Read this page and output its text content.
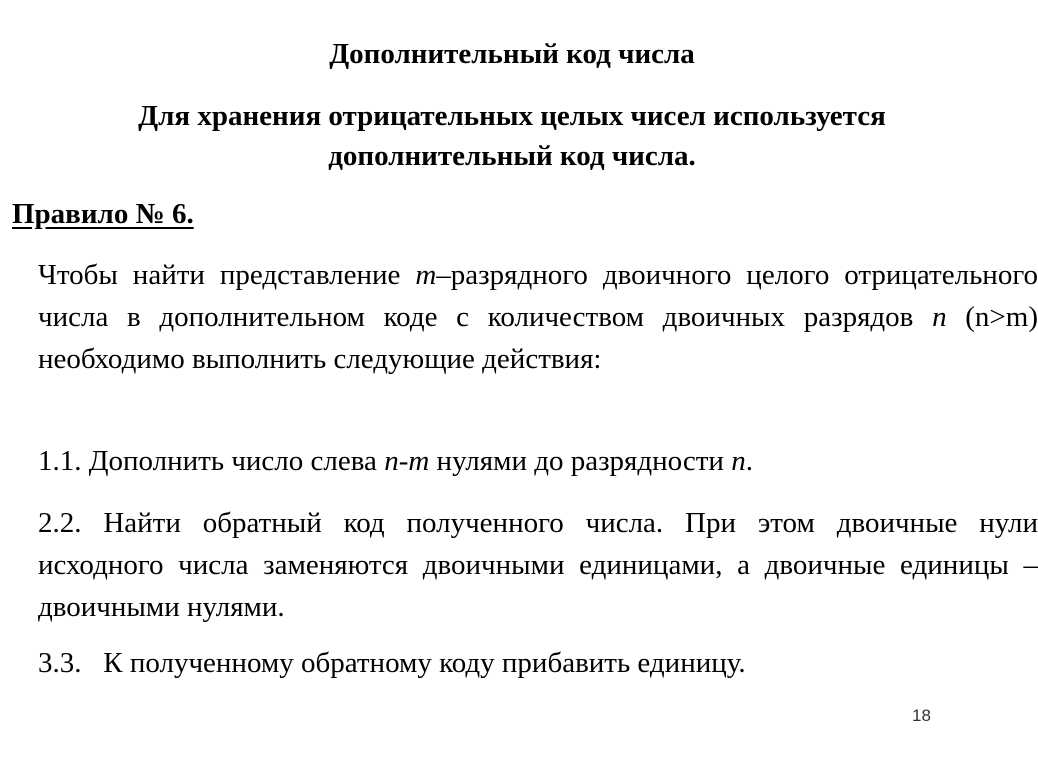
Дополнительный код числа

Для хранения отрицательных целых чисел используется дополнительный код числа.

Правило № 6.

Чтобы найти представление m–разрядного двоичного целого отрицательного числа в дополнительном коде с количеством двоичных разрядов n (n>m) необходимо выполнить следующие действия:

1.1. Дополнить число слева n-m нулями до разрядности n.

2.2. Найти обратный код полученного числа. При этом двоичные нули исходного числа заменяются двоичными единицами, а двоичные единицы – двоичными нулями.

3.3.   К полученному обратному коду прибавить единицу.

18
